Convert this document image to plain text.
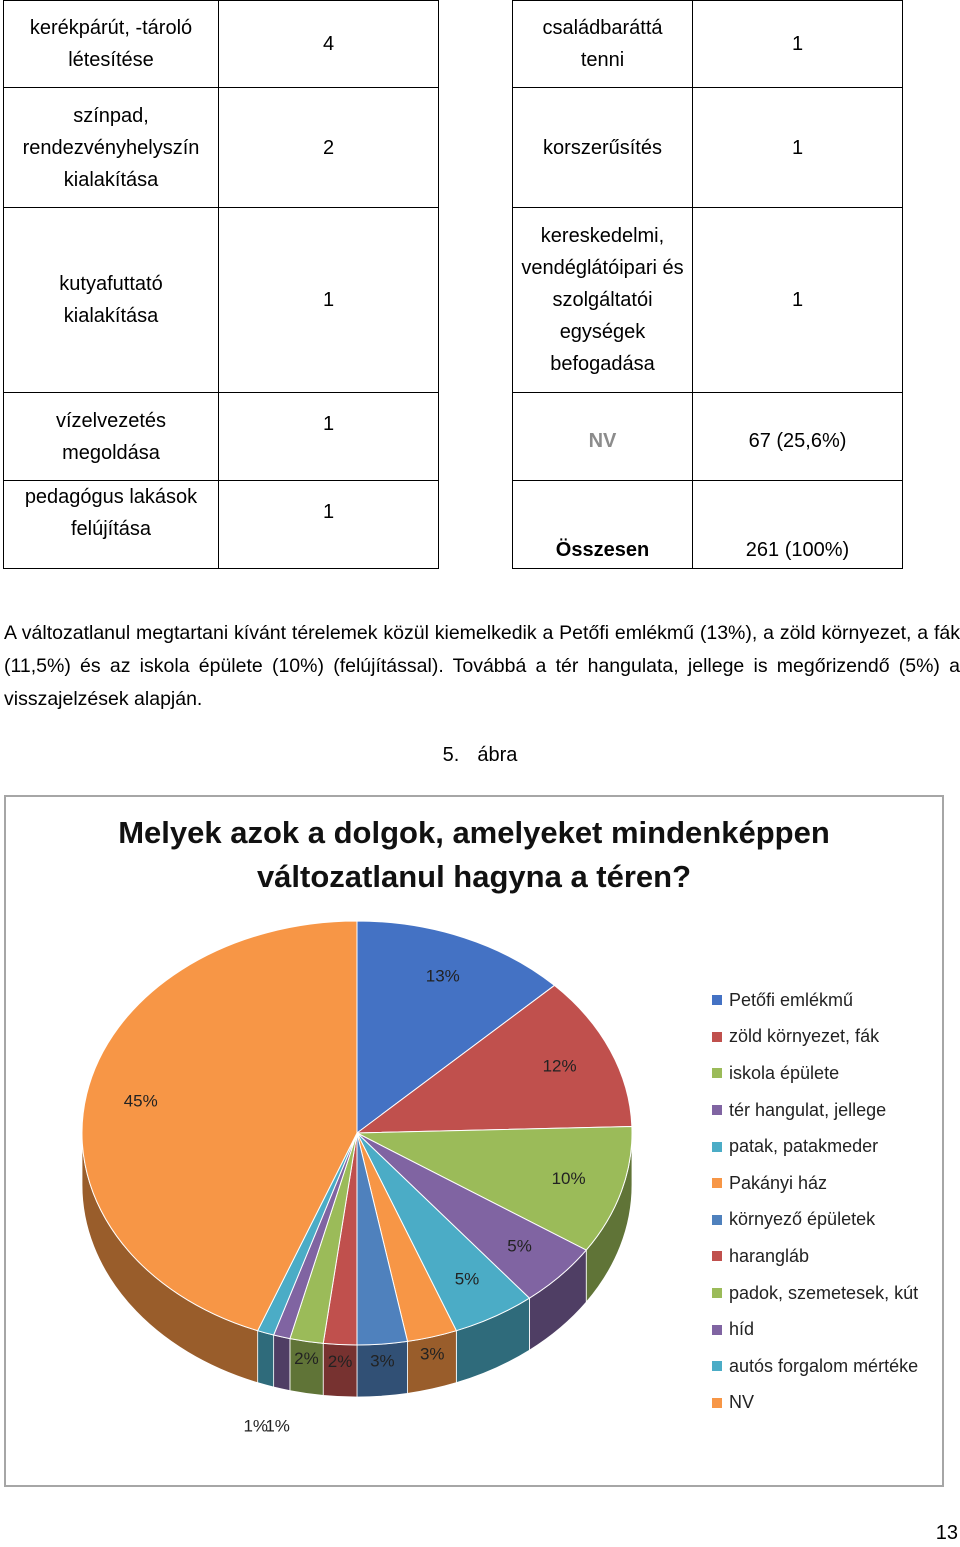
kerékpárút, -tároló létesítése	4
színpad, rendezvényhelyszín kialakítása	2
kutyafuttató kialakítása	1
vízelvezetés megoldása	1
pedagógus lakások felújítása	1
családbaráttá tenni	1
korszerűsítés	1
kereskedelmi, vendéglátóipari és szolgáltatói egységek befogadása	1
NV	67 (25,6%)
Összesen	261 (100%)

A változatlanul megtartani kívánt térelemek közül kiemelkedik a Petőfi emlékmű (13%), a zöld környezet, a fák (11,5%) és az iskola épülete (10%) (felújítással). Továbbá a tér hangulata, jellege is megőrizendő (5%) a visszajelzések alapján.

5. ábra

Melyek azok a dolgok, amelyeket mindenképpen változatlanul hagyna a téren?
13%
12%
10%
5%
5%
3%
3%
2%
2%
1%
1%
45%
Petőfi emlékmű
zöld környezet, fák
iskola épülete
tér hangulat, jellege
patak, patakmeder
Pakányi ház
környező épületek
harangláb
padok, szemetesek, kút
híd
autós forgalom mértéke
NV

13
